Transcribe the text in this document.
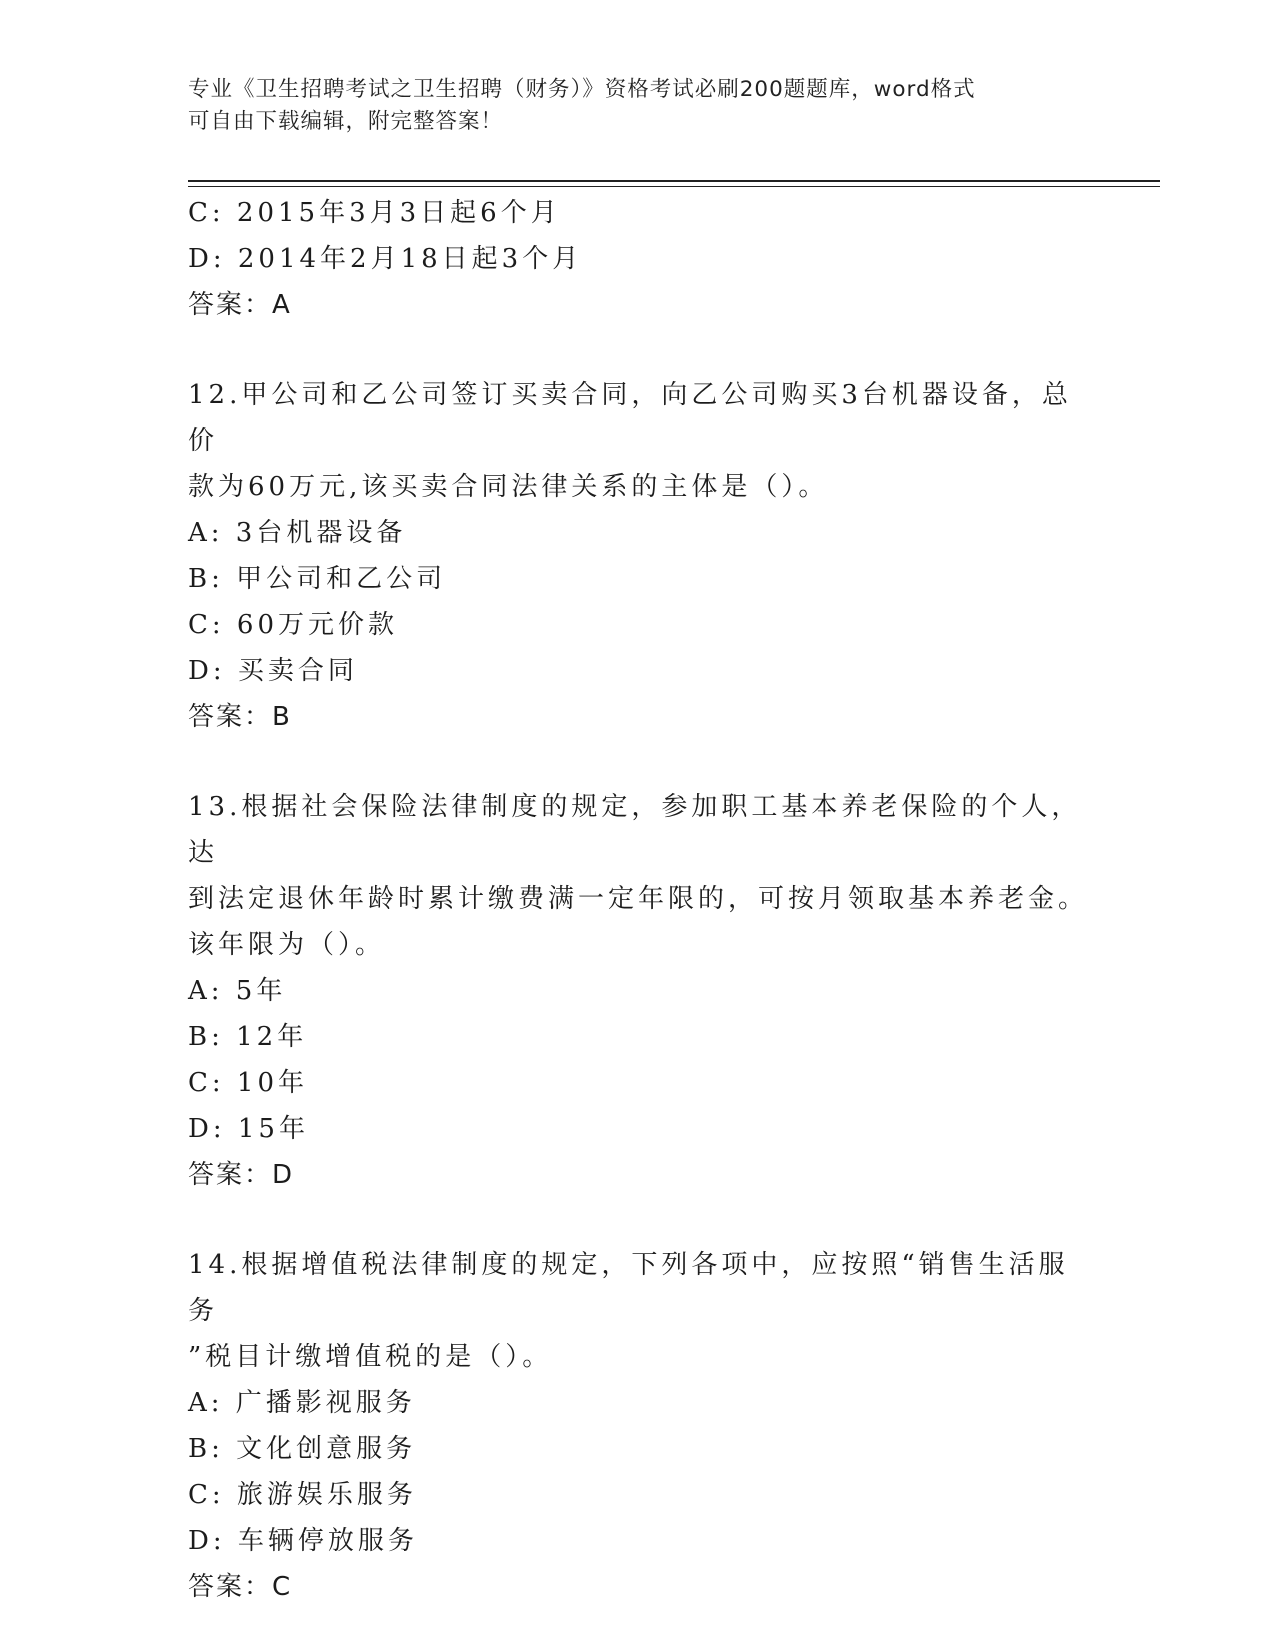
专业《卫生招聘考试之卫生招聘（财务）》资格考试必刷200题题库，word格式
可自由下载编辑，附完整答案！
C: 2015年3月3日起6个月
D: 2014年2月18日起3个月
答案：A
12.甲公司和乙公司签订买卖合同，向乙公司购买3台机器设备，总价
款为60万元,该买卖合同法律关系的主体是（）。
A: 3台机器设备
B: 甲公司和乙公司
C: 60万元价款
D: 买卖合同
答案：B
13.根据社会保险法律制度的规定，参加职工基本养老保险的个人，达
到法定退休年龄时累计缴费满一定年限的，可按月领取基本养老金。
该年限为（）。
A: 5年
B: 12年
C: 10年
D: 15年
答案：D
14.根据增值税法律制度的规定，下列各项中，应按照“销售生活服务
”税目计缴增值税的是（）。
A: 广播影视服务
B: 文化创意服务
C: 旅游娱乐服务
D: 车辆停放服务
答案：C
